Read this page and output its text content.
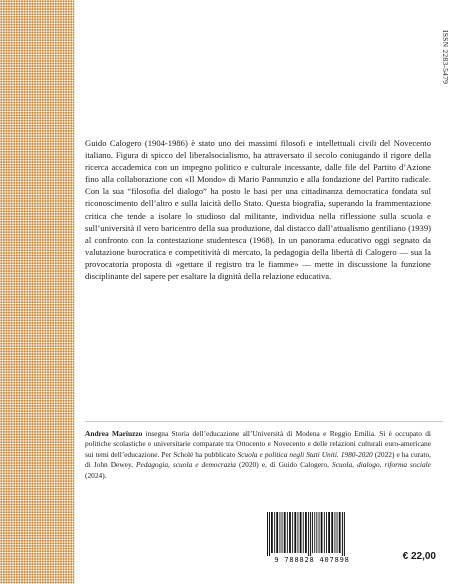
ISSN 2283-5479
Guido Calogero (1904-1986) è stato uno dei massimi filosofi e intellettuali civili del Novecento italiano. Figura di spicco del liberalsocialismo, ha attraversato il secolo coniugando il rigore della ricerca accademica con un impegno politico e culturale incessante, dalle file del Partito d’Azione fino alla collaborazione con «Il Mondo» di Mario Pannunzio e alla fondazione del Partito radicale. Con la sua “filosofia del dialogo” ha posto le basi per una cittadinanza democratica fondata sul riconoscimento dell’altro e sulla laicità dello Stato. Questa biografia, superando la frammentazione critica che tende a isolare lo studioso dal militante, individua nella riflessione sulla scuola e sull’università il vero baricentro della sua produzione, dal distacco dall’attualismo gentiliano (1939) al confronto con la contestazione studentesca (1968). In un panorama educativo oggi segnato da valutazione burocratica e competitività di mercato, la pedagogia della libertà di Calogero — sua la provocatoria proposta di «gettare il registro tra le fiamme» — mette in discussione la funzione disciplinante del sapere per esaltare la dignità della relazione educativa.
Andrea Mariuzzo insegna Storia dell’educazione all’Università di Modena e Reggio Emilia. Si è occupato di politiche scolastiche e universitarie comparate tra Ottocento e Novecento e delle relazioni culturali euro-americane sui temi dell’educazione. Per Scholé ha pubblicato Scuola e politica negli Stati Uniti. 1980-2020 (2022) e ha curato, di John Dewey, Pedagogia, scuola e democrazia (2020) e, di Guido Calogero, Scuola, dialogo, riforma sociale (2024).
9 788828 407898	€ 22,00
